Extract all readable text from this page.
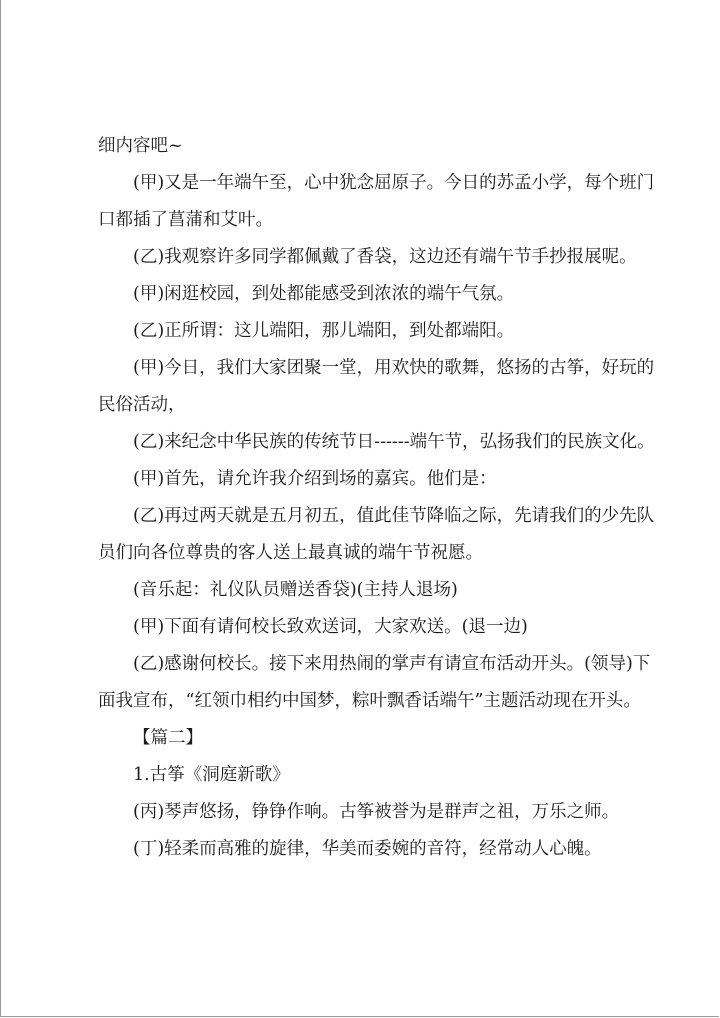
细内容吧~

(甲)又是一年端午至，心中犹念屈原子。今日的苏孟小学，每个班门

口都插了菖蒲和艾叶。

(乙)我观察许多同学都佩戴了香袋，这边还有端午节手抄报展呢。

(甲)闲逛校园，到处都能感受到浓浓的端午气氛。

(乙)正所谓：这儿端阳，那儿端阳，到处都端阳。

(甲)今日，我们大家团聚一堂，用欢快的歌舞，悠扬的古筝，好玩的

民俗活动，

(乙)来纪念中华民族的传统节日------端午节，弘扬我们的民族文化。

(甲)首先，请允许我介绍到场的嘉宾。他们是：

(乙)再过两天就是五月初五，值此佳节降临之际，先请我们的少先队

员们向各位尊贵的客人送上最真诚的端午节祝愿。

(音乐起：礼仪队员赠送香袋)(主持人退场)

(甲)下面有请何校长致欢送词，大家欢送。(退一边)

(乙)感谢何校长。接下来用热闹的掌声有请宣布活动开头。(领导)下

面我宣布，“红领巾相约中国梦，粽叶飘香话端午”主题活动现在开头。

【篇二】

1.古筝《洞庭新歌》

(丙)琴声悠扬，铮铮作响。古筝被誉为是群声之祖，万乐之师。

(丁)轻柔而高雅的旋律，华美而委婉的音符，经常动人心魄。
